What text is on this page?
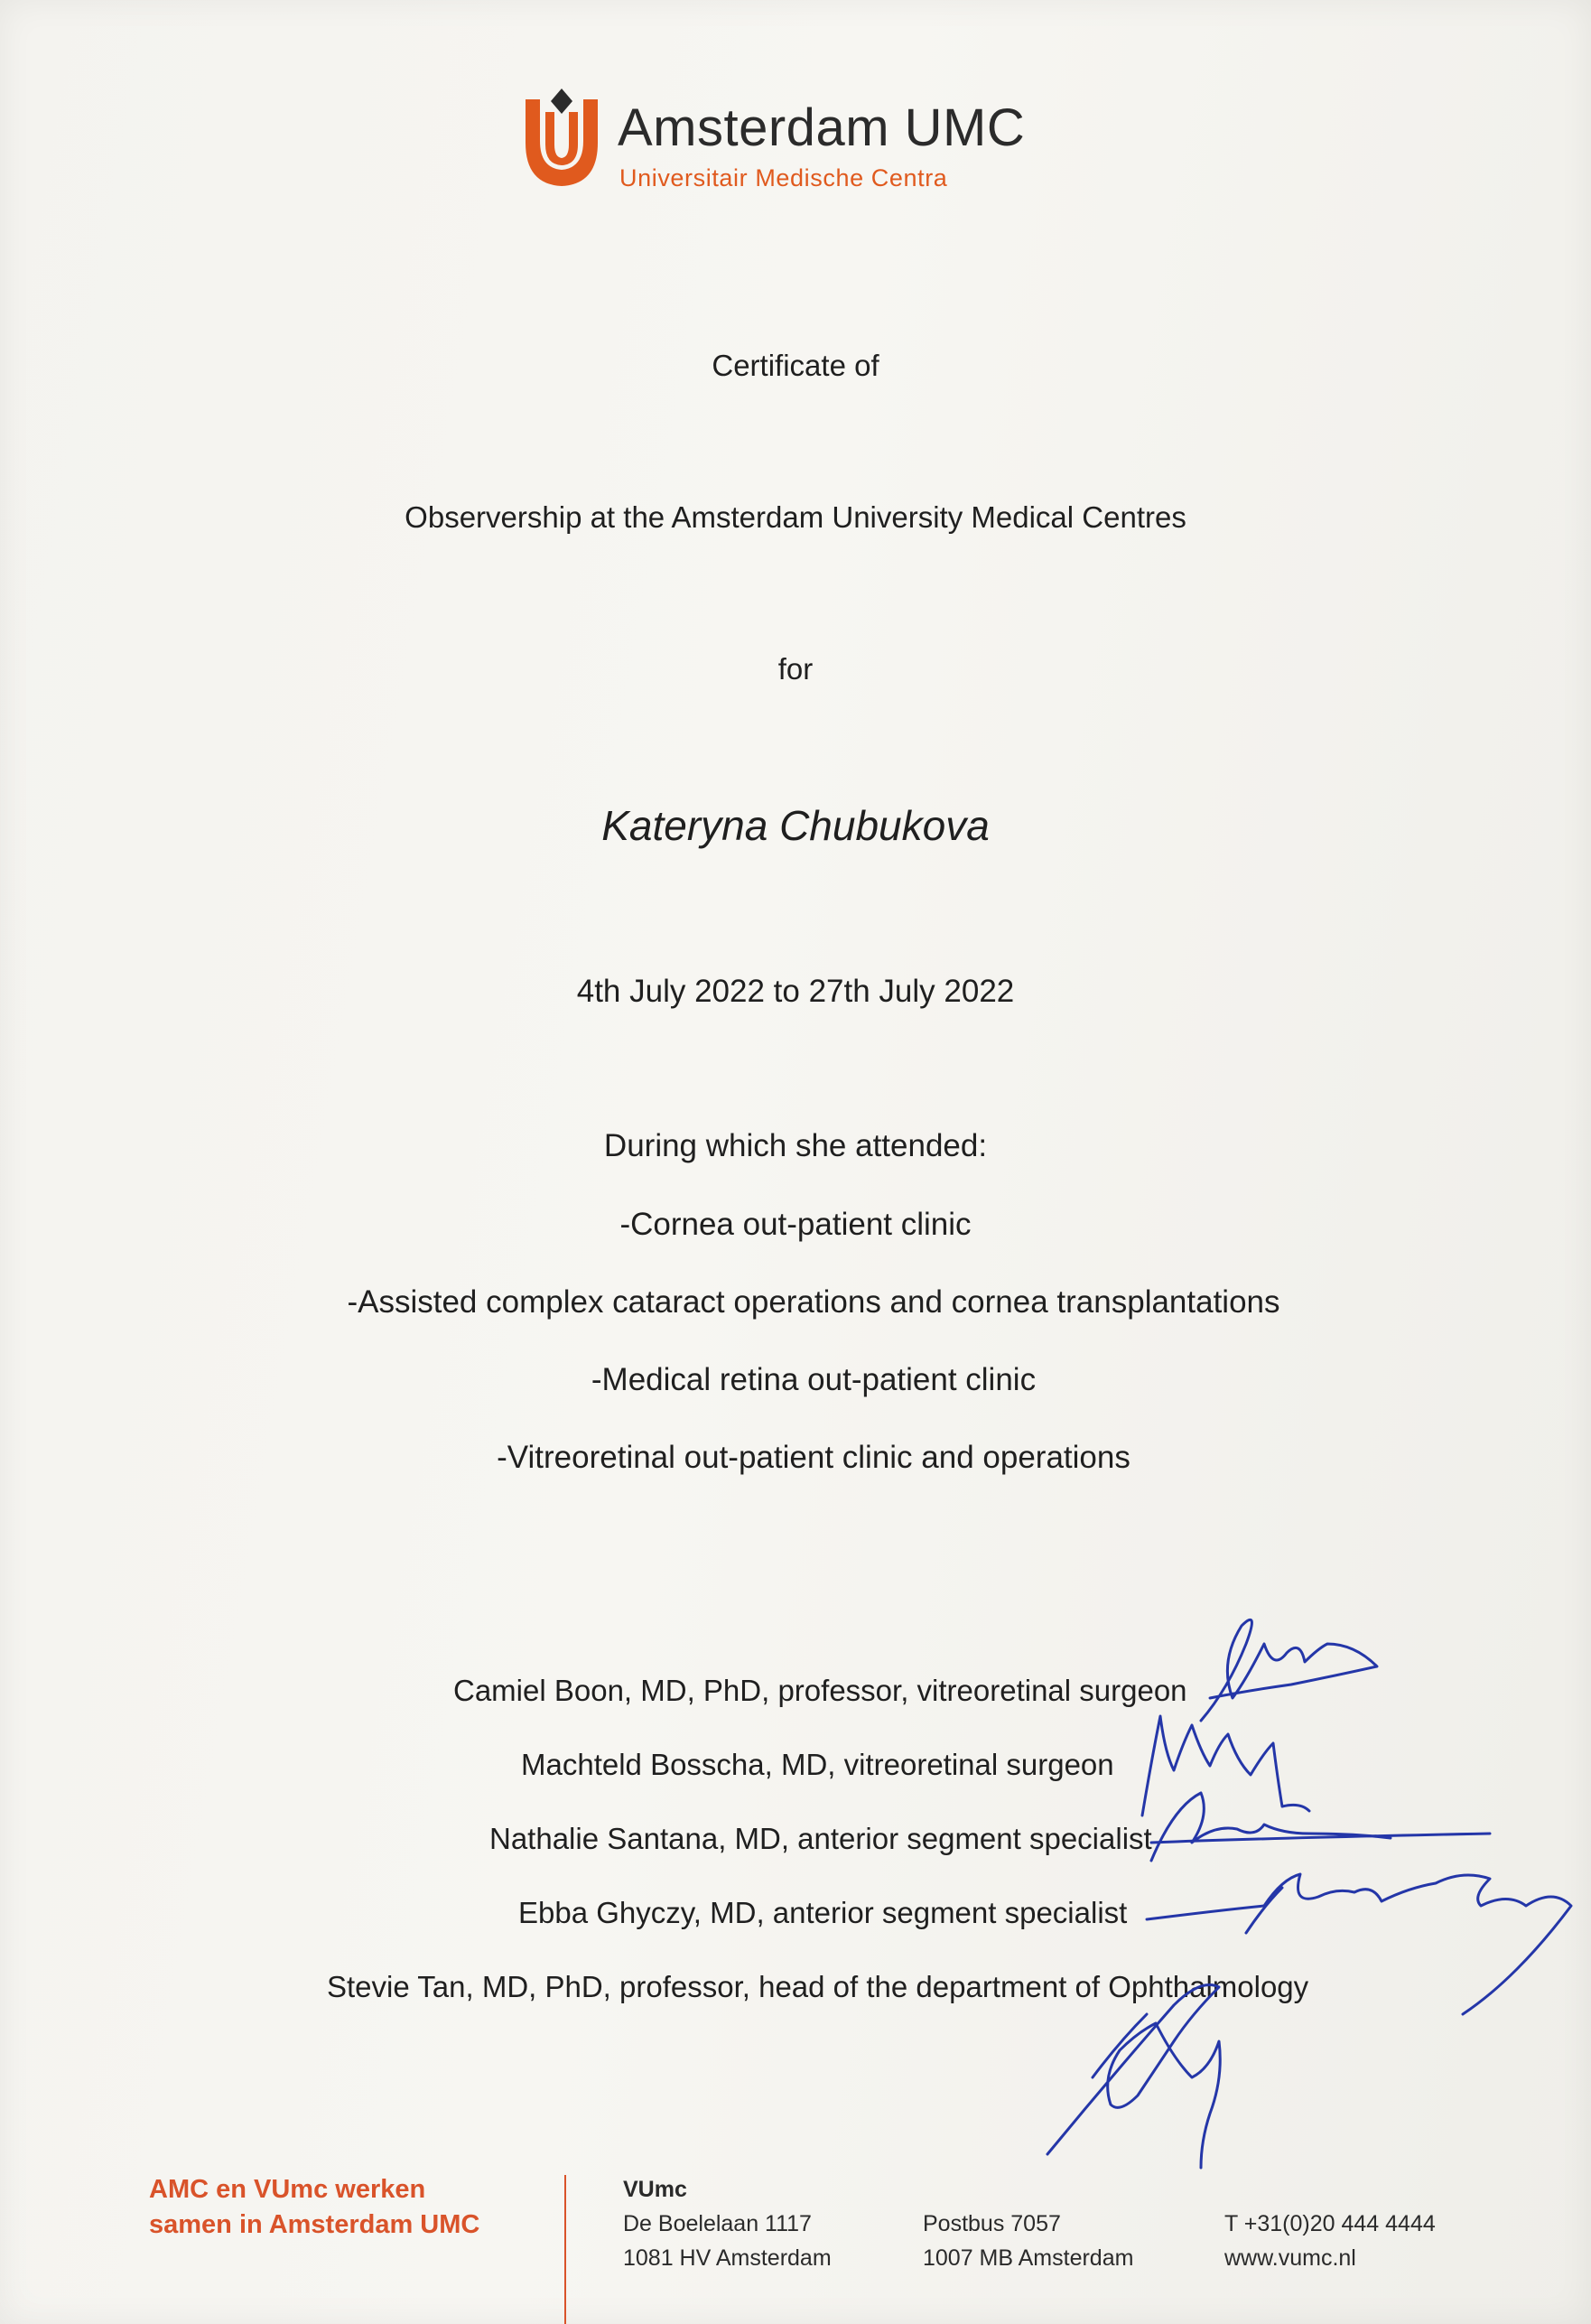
Amsterdam UMC
Universitair Medische Centra
Certificate of
Observership at the Amsterdam University Medical Centres
for
Kateryna Chubukova
4th July 2022 to 27th July 2022
During which she attended:
-Cornea out-patient clinic
-Assisted complex cataract operations and cornea transplantations
-Medical retina out-patient clinic
-Vitreoretinal out-patient clinic and operations
Camiel Boon, MD, PhD, professor, vitreoretinal surgeon
Machteld Bosscha, MD, vitreoretinal surgeon
Nathalie Santana, MD, anterior segment specialist
Ebba Ghyczy, MD, anterior segment specialist
Stevie Tan, MD, PhD, professor, head of the department of Ophthalmology
AMC en VUmc werken
samen in Amsterdam UMC
VUmc
De Boelelaan 1117
1081 HV Amsterdam
Postbus 7057
1007 MB Amsterdam
T +31(0)20 444 4444
www.vumc.nl
